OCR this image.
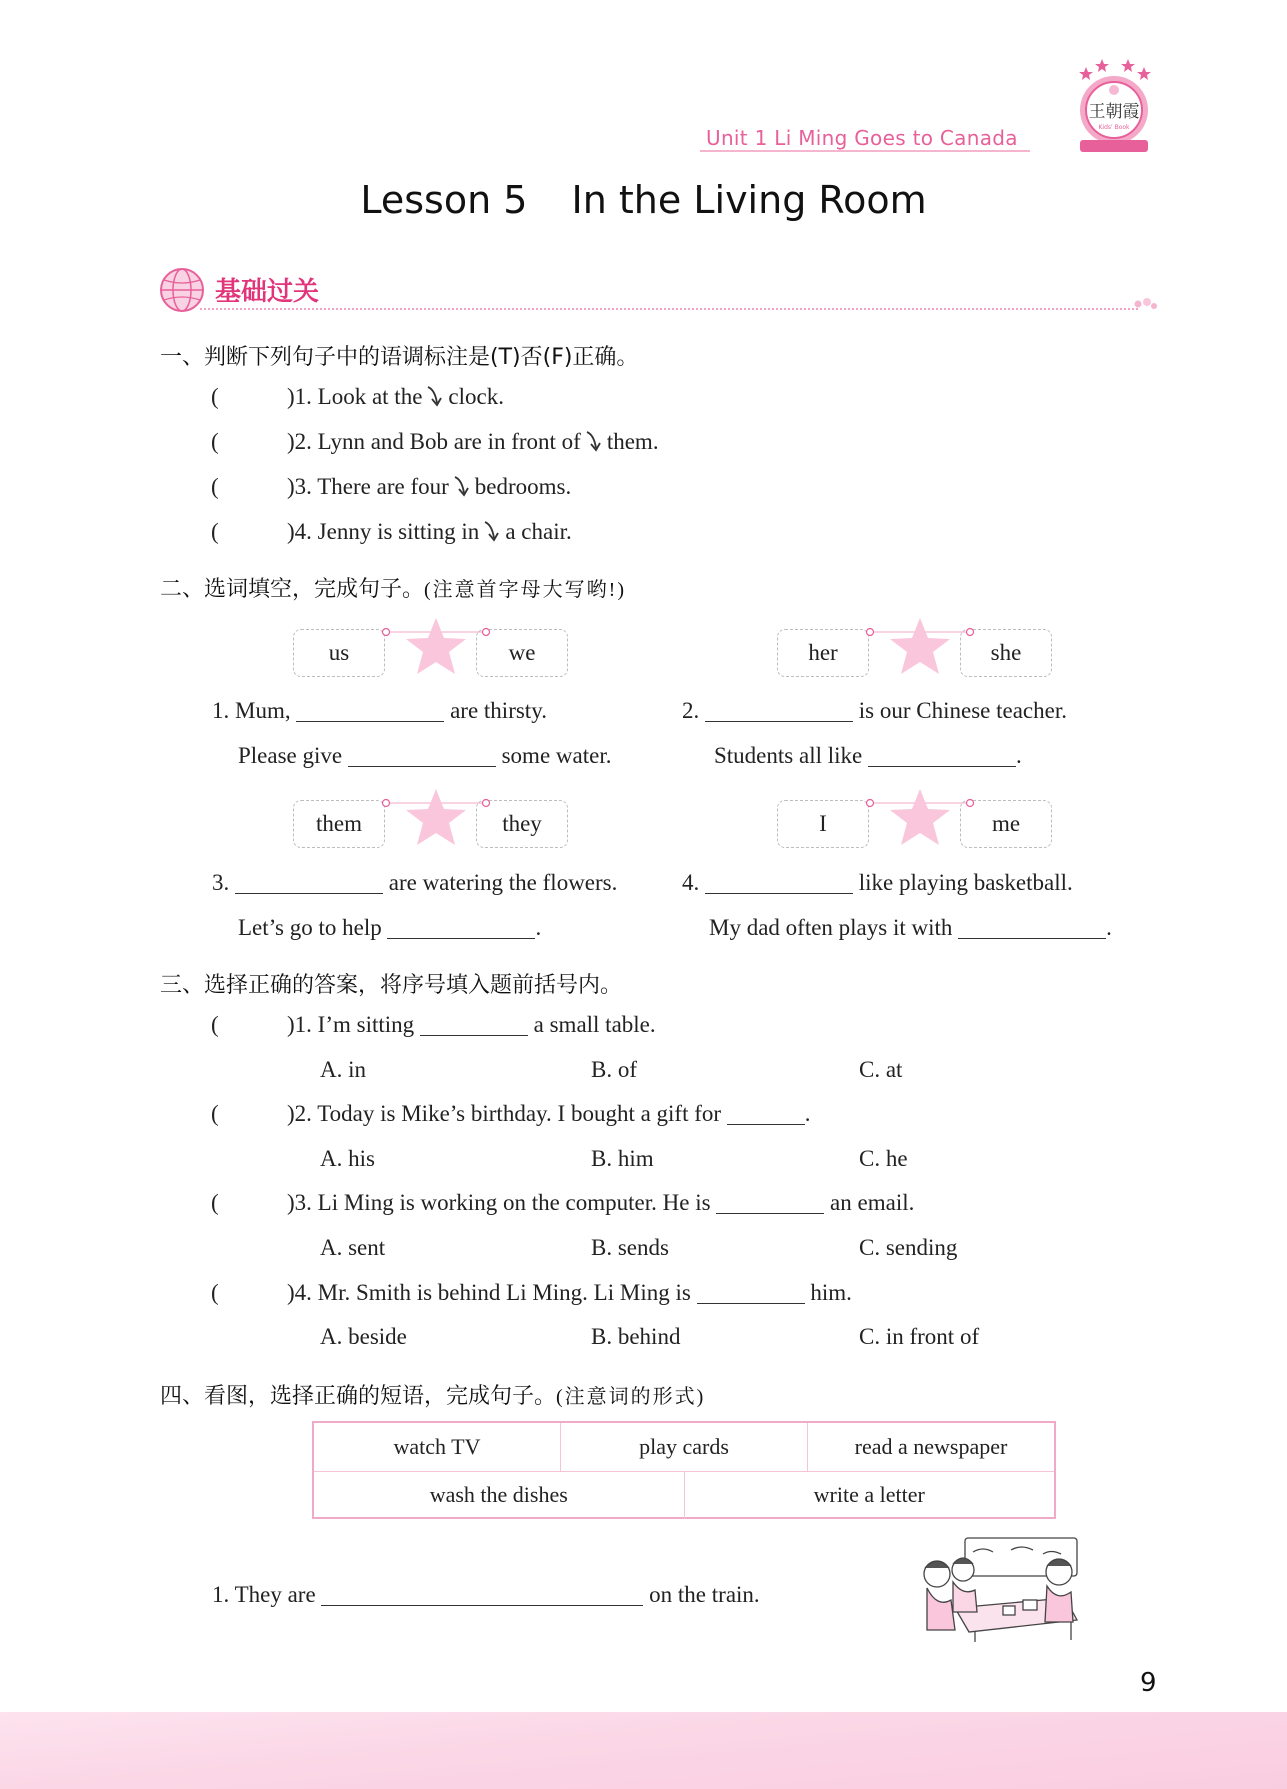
Unit 1 Li Ming Goes to Canada
王朝霞
Kids' Book
Lesson 5 In the Living Room
基础过关
一、判断下列句子中的语调标注是(T)否(F)正确。
(	)1. Look at the clock.
(	)2. Lynn and Bob are in front of them.
(	)3. There are four bedrooms.
(	)4. Jenny is sitting in a chair.
二、选词填空，完成句子。(注意首字母大写哟!)
us	we	her	she
1. Mum,	are thirsty.
Please give	some water.
2.	is our Chinese teacher.
Students all like	.
them	they	I	me
3.	are watering the flowers.
Let’s go to help	.
4.	like playing basketball.
My dad often plays it with	.
三、选择正确的答案，将序号填入题前括号内。
(	)1. I’m sitting	a small table.
A. in	B. of	C. at
(	)2. Today is Mike’s birthday. I bought a gift for	.
A. his	B. him	C. he
(	)3. Li Ming is working on the computer. He is	an email.
A. sent	B. sends	C. sending
(	)4. Mr. Smith is behind Li Ming. Li Ming is	him.
A. beside	B. behind	C. in front of
四、看图，选择正确的短语，完成句子。(注意词的形式)
watch TV	play cards	read a newspaper
wash the dishes	write a letter
1. They are	on the train.
9
